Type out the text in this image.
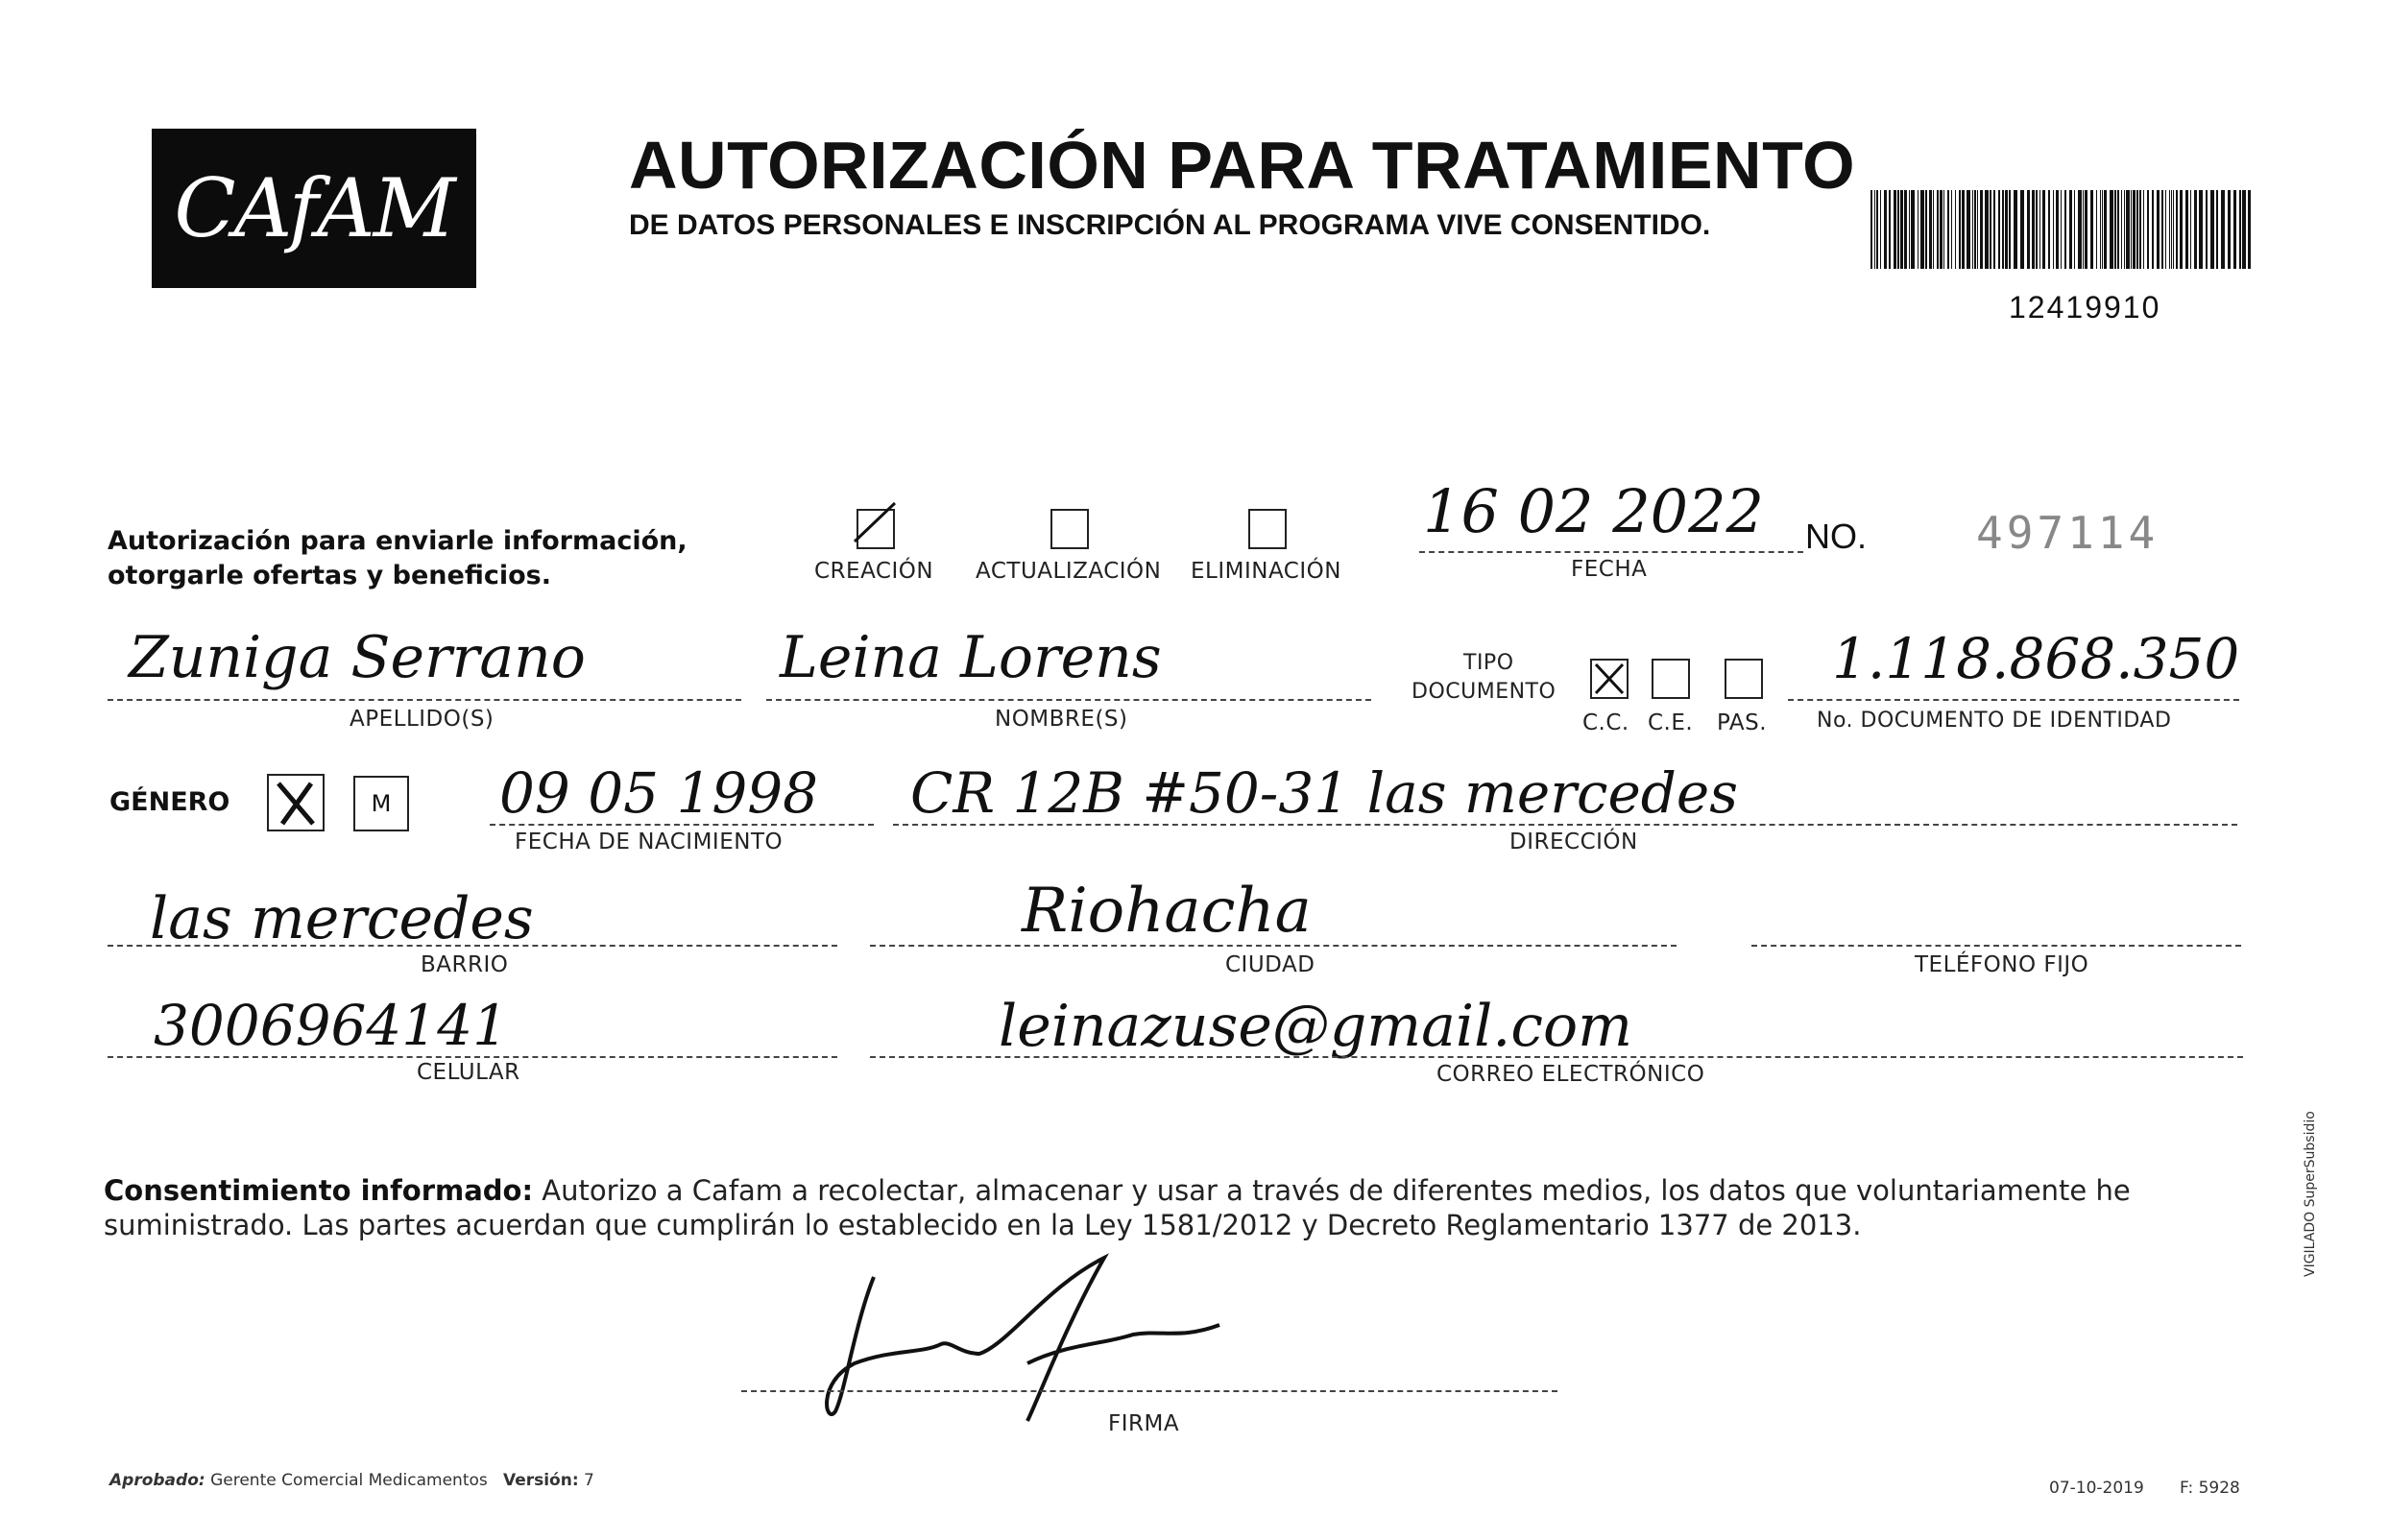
CAfAM	AUTORIZACIÓN PARA TRATAMIENTO
DE DATOS PERSONALES E INSCRIPCIÓN AL PROGRAMA VIVE CONSENTIDO.
12419910
Autorización para enviarle información,
otorgarle ofertas y beneficios.	CREACIÓN ACTUALIZACIÓN ELIMINACIÓN
16 02 2022
FECHA
NO. 497114
Zuniga Serrano
APELLIDO(S)
Leina Lorens
NOMBRE(S)
TIPO
DOCUMENTO
C.C. C.E. PAS.
1.118.868.350
No. DOCUMENTO DE IDENTIDAD
GÉNERO	M 09 05 1998
FECHA DE NACIMIENTO
CR 12B #50-31 las mercedes
DIRECCIÓN
las mercedes
BARRIO
Riohacha
CIUDAD	TELÉFONO FIJO
3006964141
CELULAR
leinazuse@gmail.com
CORREO ELECTRÓNICO
Consentimiento informado: Autorizo a Cafam a recolectar, almacenar y usar a través de diferentes medios, los datos que voluntariamente he suministrado. Las partes acuerdan que cumplirán lo establecido en la Ley 1581/2012 y Decreto Reglamentario 1377 de 2013.
FIRMA
Aprobado: Gerente Comercial Medicamentos Versión: 7	07-10-2019 F: 5928
VIGILADO SuperSubsidio
